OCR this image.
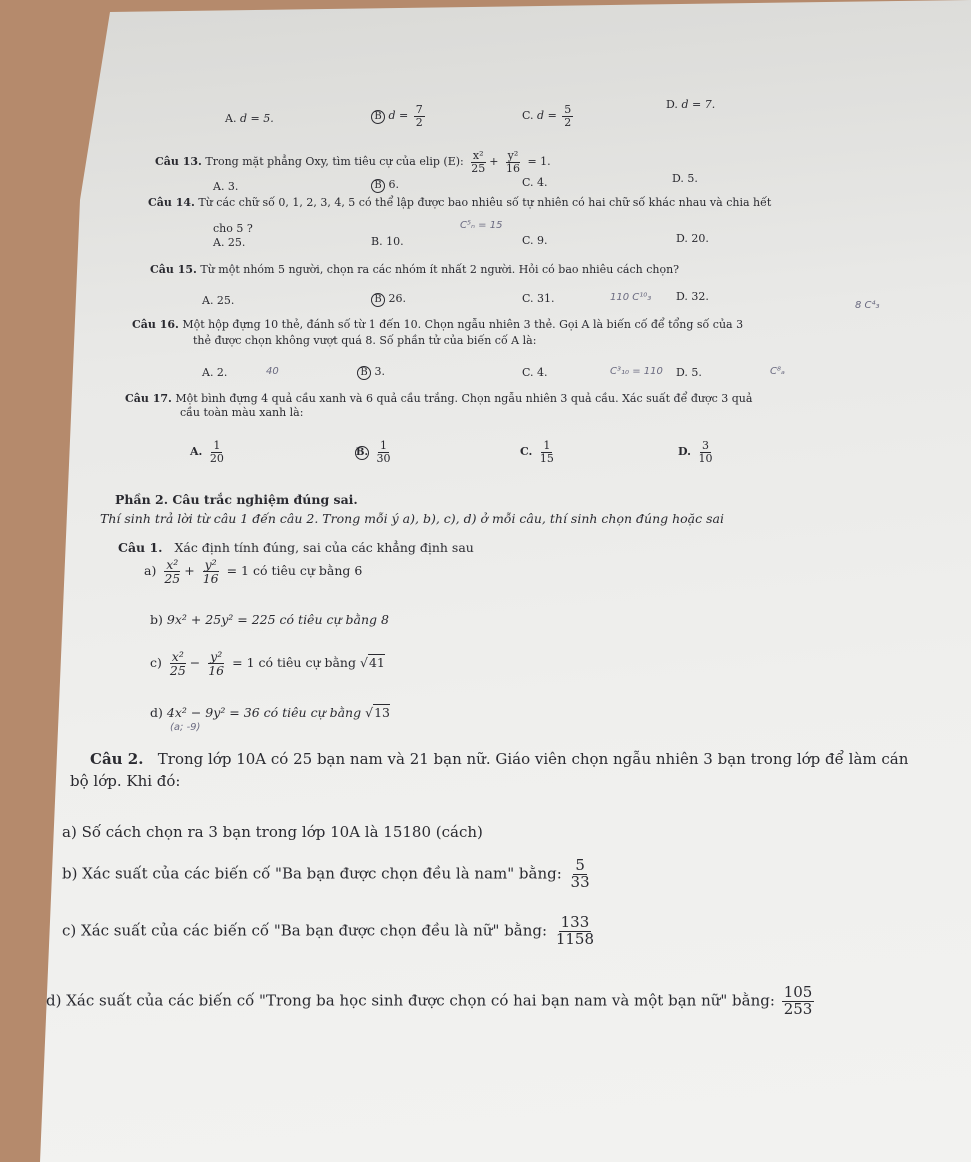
A. d = 5.	B $d = \frac{7}{2}$	C. $d = \frac{5}{2}$	D. d = 7.
Câu 13. Trong mặt phẳng Oxy, tìm tiêu cự của elip (E): $\frac{\text{x²}}{25} + \frac{\text{y²}}{16} = 1$.
A. 3.	B 6.	C. 4.	D. 5.
Câu 14. Từ các chữ số 0, 1, 2, 3, 4, 5 có thể lập được bao nhiêu số tự nhiên có hai chữ số khác nhau và chia hết
cho 5 ?
A. 25.	B. 10.	C. 9.	D. 20.
Câu 15. Từ một nhóm 5 người, chọn ra các nhóm ít nhất 2 người. Hỏi có bao nhiêu cách chọn?
A. 25.	B 26.	C. 31.	D. 32.
Câu 16. Một hộp đựng 10 thẻ, đánh số từ 1 đến 10. Chọn ngẫu nhiên 3 thẻ. Gọi A là biến cố để tổng số của 3
thẻ được chọn không vượt quá 8. Số phần tử của biến cố A là:
A. 2.	B 3.	C. 4.	D. 5.
Câu 17. Một bình đựng 4 quả cầu xanh và 6 quả cầu trắng. Chọn ngẫu nhiên 3 quả cầu. Xác suất để được 3 quả
cầu toàn màu xanh là:
A. $\frac{1}{20}$	B. $\frac{1}{30}$	C. $\frac{1}{15}$	D. $\frac{3}{10}$
Phần 2. Câu trắc nghiệm đúng sai.
Thí sinh trả lời từ câu 1 đến câu 2. Trong mỗi ý a), b), c), d) ở mỗi câu, thí sinh chọn đúng hoặc sai
Câu 1. Xác định tính đúng, sai của các khẳng định sau
$a) \frac{\text{x²}}{25} + \frac{\text{y²}}{16} = 1$ có tiêu cự bằng 6
b) 9x² + 25y² = 225 có tiêu cự bằng 8
$c) \frac{\text{x²}}{25} - \frac{\text{y²}}{16} = 1$ có tiêu cự bằng √41
d) 4x² − 9y² = 36 có tiêu cự bằng √13
Câu 2. Trong lớp 10A có 25 bạn nam và 21 bạn nữ. Giáo viên chọn ngẫu nhiên 3 bạn trong lớp để làm cán
bộ lớp. Khi đó:
a) Số cách chọn ra 3 bạn trong lớp 10A là 15180 (cách)
b) Xác suất của các biến cố "Ba bạn được chọn đều là nam" bằng: $\frac{5}{33}$
c) Xác suất của các biến cố "Ba bạn được chọn đều là nữ" bằng: $\frac{133}{1158}$
d) Xác suất của các biến cố "Trong ba học sinh được chọn có hai bạn nam và một bạn nữ" bằng: $\frac{105}{253}$
C⁵ₙ = 15
110 C¹⁰₃
C³₁₀ = 110	C⁸ₐ
8 C⁴₃
40
(a; -9)
